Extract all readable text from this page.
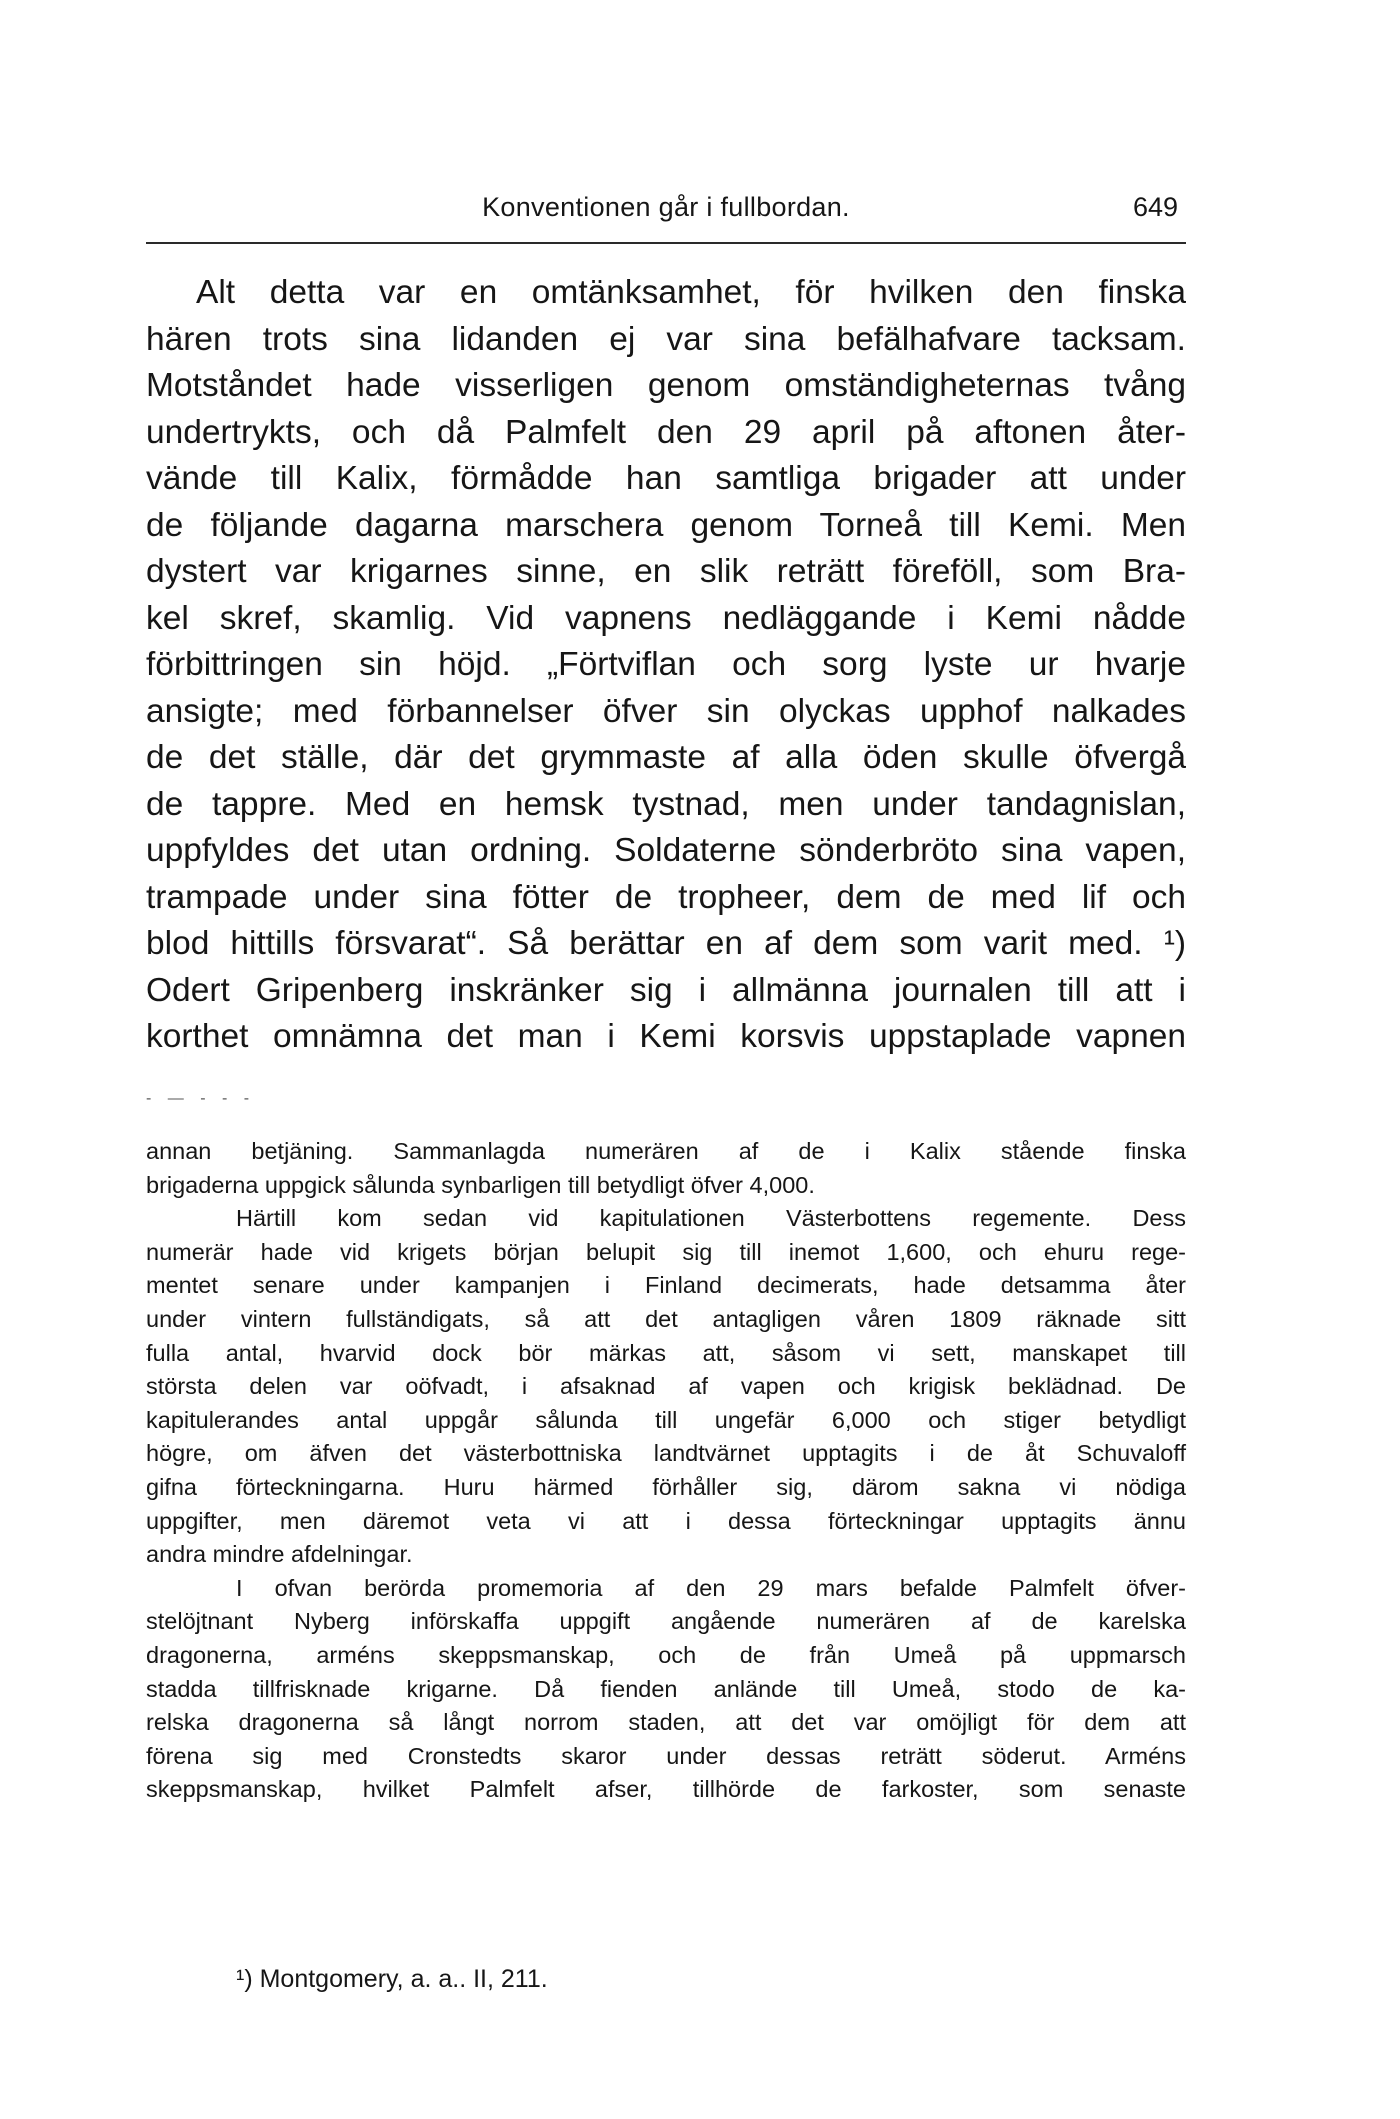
Konventionen går i fullbordan.	649
Alt detta var en omtänksamhet, för hvilken den finska
hären trots sina lidanden ej var sina befälhafvare tacksam.
Motståndet hade visserligen genom omständigheternas tvång
undertrykts, och då Palmfelt den 29 april på aftonen åter-
vände till Kalix, förmådde han samtliga brigader att under
de följande dagarna marschera genom Torneå till Kemi. Men
dystert var krigarnes sinne, en slik reträtt föreföll, som Bra-
kel skref, skamlig. Vid vapnens nedläggande i Kemi nådde
förbittringen sin höjd. „Förtviflan och sorg lyste ur hvarje
ansigte; med förbannelser öfver sin olyckas upphof nalkades
de det ställe, där det grymmaste af alla öden skulle öfvergå
de tappre. Med en hemsk tystnad, men under tandagnislan,
uppfyldes det utan ordning. Soldaterne sönderbröto sina vapen,
trampade under sina fötter de tropheer, dem de med lif och
blod hittills försvarat“. Så berättar en af dem som varit med. ¹)
Odert Gripenberg inskränker sig i allmänna journalen till att i
korthet omnämna det man i Kemi korsvis uppstaplade vapnen
- — - - -
annan betjäning. Sammanlagda numerären af de i Kalix stående finska
brigaderna uppgick sålunda synbarligen till betydligt öfver 4,000.
Härtill kom sedan vid kapitulationen Västerbottens regemente. Dess
numerär hade vid krigets början belupit sig till inemot 1,600, och ehuru rege-
mentet senare under kampanjen i Finland decimerats, hade detsamma åter
under vintern fullständigats, så att det antagligen våren 1809 räknade sitt
fulla antal, hvarvid dock bör märkas att, såsom vi sett, manskapet till
största delen var oöfvadt, i afsaknad af vapen och krigisk beklädnad. De
kapitulerandes antal uppgår sålunda till ungefär 6,000 och stiger betydligt
högre, om äfven det västerbottniska landtvärnet upptagits i de åt Schuvaloff
gifna förteckningarna. Huru härmed förhåller sig, därom sakna vi nödiga
uppgifter, men däremot veta vi att i dessa förteckningar upptagits ännu
andra mindre afdelningar.
I ofvan berörda promemoria af den 29 mars befalde Palmfelt öfver-
stelöjtnant Nyberg införskaffa uppgift angående numerären af de karelska
dragonerna, arméns skeppsmanskap, och de från Umeå på uppmarsch
stadda tillfrisknade krigarne. Då fienden anlände till Umeå, stodo de ka-
relska dragonerna så långt norrom staden, att det var omöjligt för dem att
förena sig med Cronstedts skaror under dessas reträtt söderut. Arméns
skeppsmanskap, hvilket Palmfelt afser, tillhörde de farkoster, som senaste
¹) Montgomery, a. a.. II, 211.
